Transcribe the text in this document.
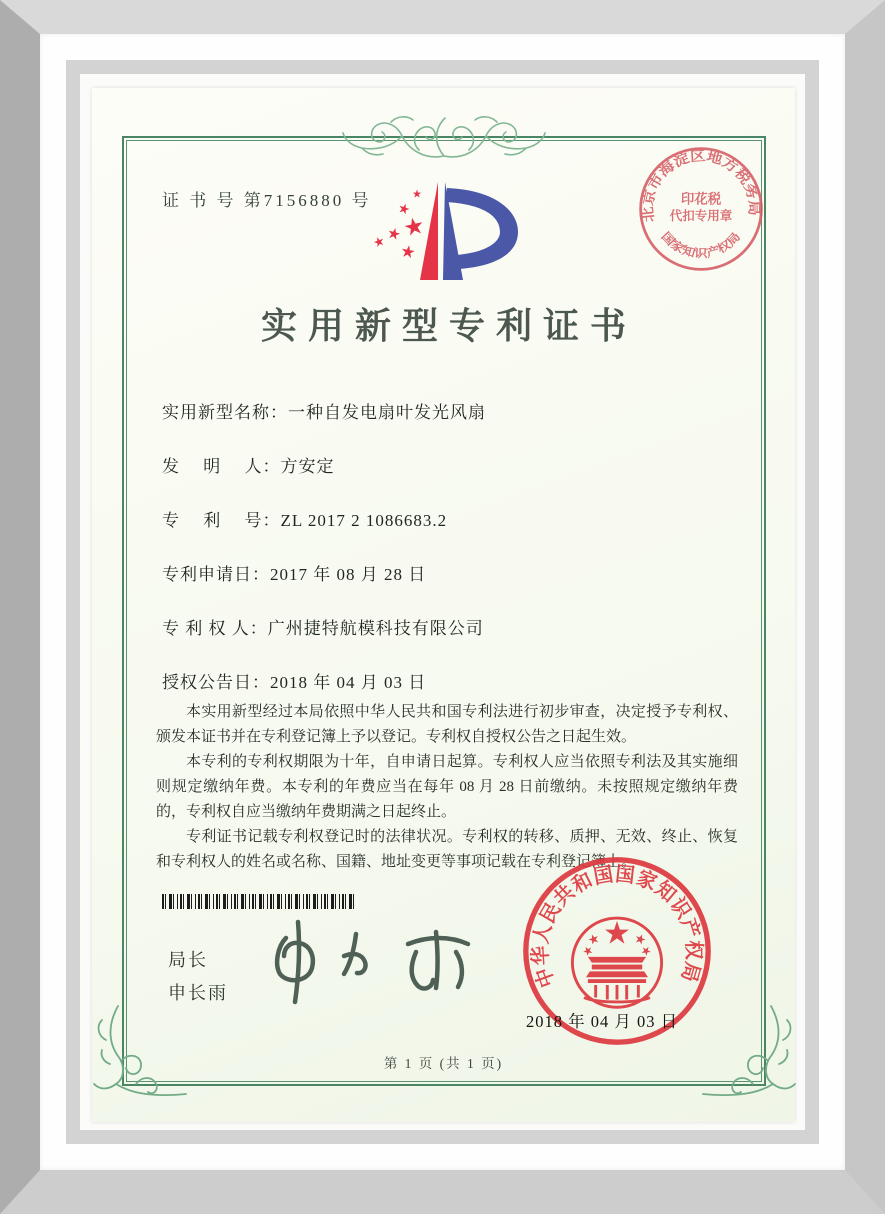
证 书 号 第7156880 号
实用新型专利证书
实用新型名称： 一种自发电扇叶发光风扇
发　 明　 人： 方安定
专　 利　 号： ZL 2017 2 1086683.2
专利申请日： 2017 年 08 月 28 日
专 利 权 人： 广州捷特航模科技有限公司
授权公告日： 2018 年 04 月 03 日

本实用新型经过本局依照中华人民共和国专利法进行初步审查，决定授予专利权、颁发本证书并在专利登记簿上予以登记。专利权自授权公告之日起生效。

本专利的专利权期限为十年，自申请日起算。专利权人应当依照专利法及其实施细则规定缴纳年费。本专利的年费应当在每年 08 月 28 日前缴纳。未按照规定缴纳年费的，专利权自应当缴纳年费期满之日起终止。

专利证书记载专利权登记时的法律状况。专利权的转移、质押、无效、终止、恢复和专利权人的姓名或名称、国籍、地址变更等事项记载在专利登记簿上。

局长
申长雨
中华人民共和国国家知识产权局
2018 年 04 月 03 日
北京市海淀区地方税务局
国家知识产权局
印花税
代扣专用章
第 1 页 (共 1 页)
